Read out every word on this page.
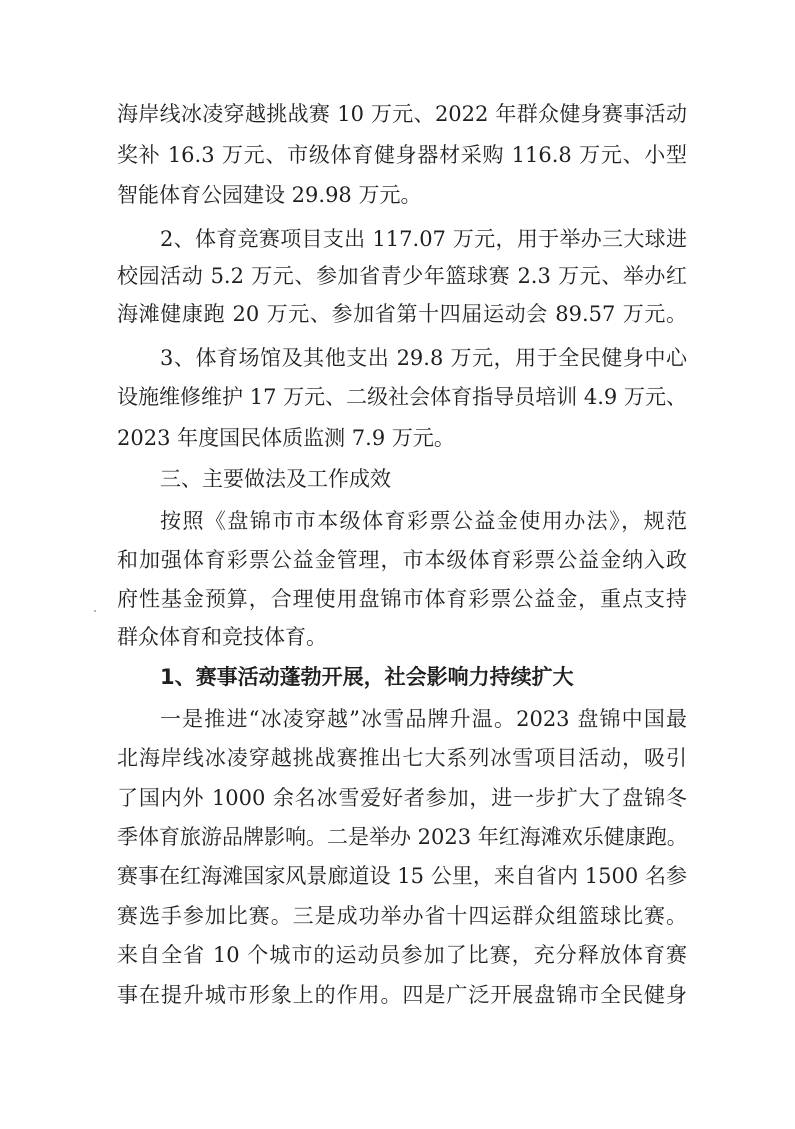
海岸线冰凌穿越挑战赛 10 万元、2022 年群众健身赛事活动
奖补 16.3 万元、市级体育健身器材采购 116.8 万元、小型
智能体育公园建设 29.98 万元。
2、体育竞赛项目支出 117.07 万元，用于举办三大球进
校园活动 5.2 万元、参加省青少年篮球赛 2.3 万元、举办红
海滩健康跑 20 万元、参加省第十四届运动会 89.57 万元。
3、体育场馆及其他支出 29.8 万元，用于全民健身中心
设施维修维护 17 万元、二级社会体育指导员培训 4.9 万元、
2023 年度国民体质监测 7.9 万元。
三、主要做法及工作成效
按照《盘锦市市本级体育彩票公益金使用办法》，规范
和加强体育彩票公益金管理，市本级体育彩票公益金纳入政
府性基金预算，合理使用盘锦市体育彩票公益金，重点支持
群众体育和竞技体育。
1、赛事活动蓬勃开展，社会影响力持续扩大
一是推进“冰凌穿越”冰雪品牌升温。2023 盘锦中国最
北海岸线冰凌穿越挑战赛推出七大系列冰雪项目活动，吸引
了国内外 1000 余名冰雪爱好者参加，进一步扩大了盘锦冬
季体育旅游品牌影响。二是举办 2023 年红海滩欢乐健康跑。
赛事在红海滩国家风景廊道设 15 公里，来自省内 1500 名参
赛选手参加比赛。三是成功举办省十四运群众组篮球比赛。
来自全省 10 个城市的运动员参加了比赛，充分释放体育赛
事在提升城市形象上的作用。四是广泛开展盘锦市全民健身
